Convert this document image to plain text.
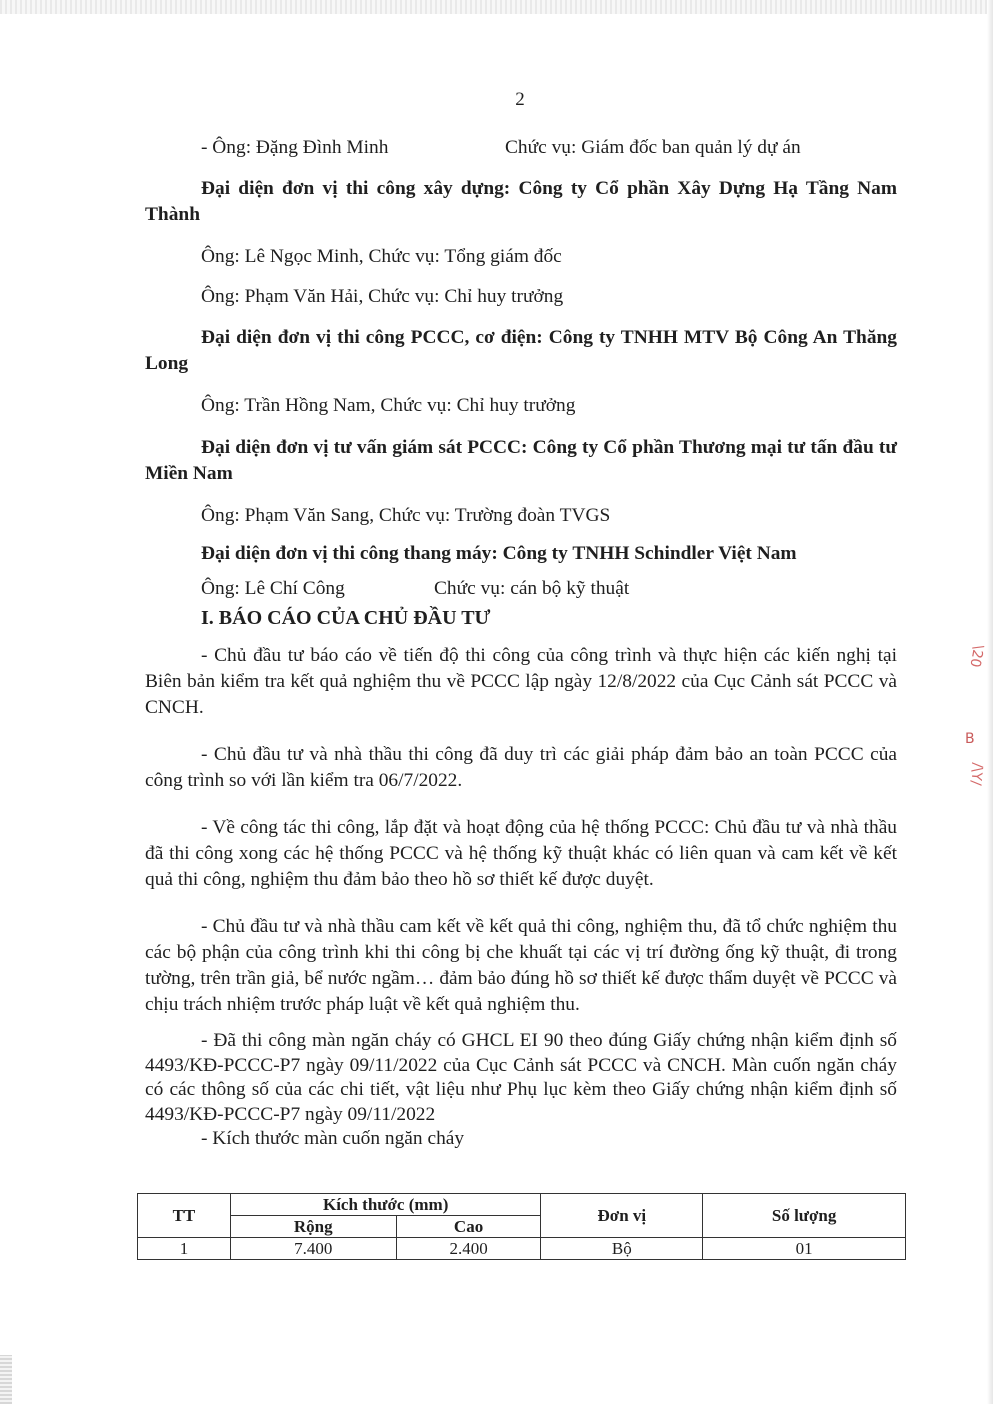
\20
B
/\Y/
2
- Ông: Đặng Đình Minh	Chức vụ: Giám đốc ban quản lý dự án

Đại diện đơn vị thi công xây dựng: Công ty Cổ phần Xây Dựng Hạ Tầng Nam Thành

Ông: Lê Ngọc Minh, Chức vụ: Tổng giám đốc

Ông: Phạm Văn Hải, Chức vụ: Chỉ huy trưởng

Đại diện đơn vị thi công PCCC, cơ điện: Công ty TNHH MTV Bộ Công An Thăng Long

Ông: Trần Hồng Nam, Chức vụ: Chỉ huy trưởng

Đại diện đơn vị tư vấn giám sát PCCC: Công ty Cổ phần Thương mại tư tấn đầu tư Miền Nam

Ông: Phạm Văn Sang, Chức vụ: Trường đoàn TVGS

Đại diện đơn vị thi công thang máy: Công ty TNHH Schindler Việt Nam

Ông: Lê Chí Công	Chức vụ: cán bộ kỹ thuật

I. BÁO CÁO CỦA CHỦ ĐẦU TƯ

- Chủ đầu tư báo cáo về tiến độ thi công của công trình và thực hiện các kiến nghị tại Biên bản kiểm tra kết quả nghiệm thu về PCCC lập ngày 12/8/2022 của Cục Cảnh sát PCCC và CNCH.

- Chủ đầu tư và nhà thầu thi công đã duy trì các giải pháp đảm bảo an toàn PCCC của công trình so với lần kiểm tra 06/7/2022.

- Về công tác thi công, lắp đặt và hoạt động của hệ thống PCCC: Chủ đầu tư và nhà thầu đã thi công xong các hệ thống PCCC và hệ thống kỹ thuật khác có liên quan và cam kết về kết quả thi công, nghiệm thu đảm bảo theo hồ sơ thiết kế được duyệt.

- Chủ đầu tư và nhà thầu cam kết về kết quả thi công, nghiệm thu, đã tổ chức nghiệm thu các bộ phận của công trình khi thi công bị che khuất tại các vị trí đường ống kỹ thuật, đi trong tường, trên trần giả, bể nước ngầm… đảm bảo đúng hồ sơ thiết kế được thẩm duyệt về PCCC và chịu trách nhiệm trước pháp luật về kết quả nghiệm thu.

- Đã thi công màn ngăn cháy có GHCL EI 90 theo đúng Giấy chứng nhận kiểm định số 4493/KĐ-PCCC-P7 ngày 09/11/2022 của Cục Cảnh sát PCCC và CNCH. Màn cuốn ngăn cháy có các thông số của các chi tiết, vật liệu như Phụ lục kèm theo Giấy chứng nhận kiểm định số 4493/KĐ-PCCC-P7 ngày 09/11/2022

- Kích thước màn cuốn ngăn cháy

TT	Kích thước (mm)		Đơn vị	Số lượng
	Rộng	Cao		
1	7.400	2.400	Bộ	01
